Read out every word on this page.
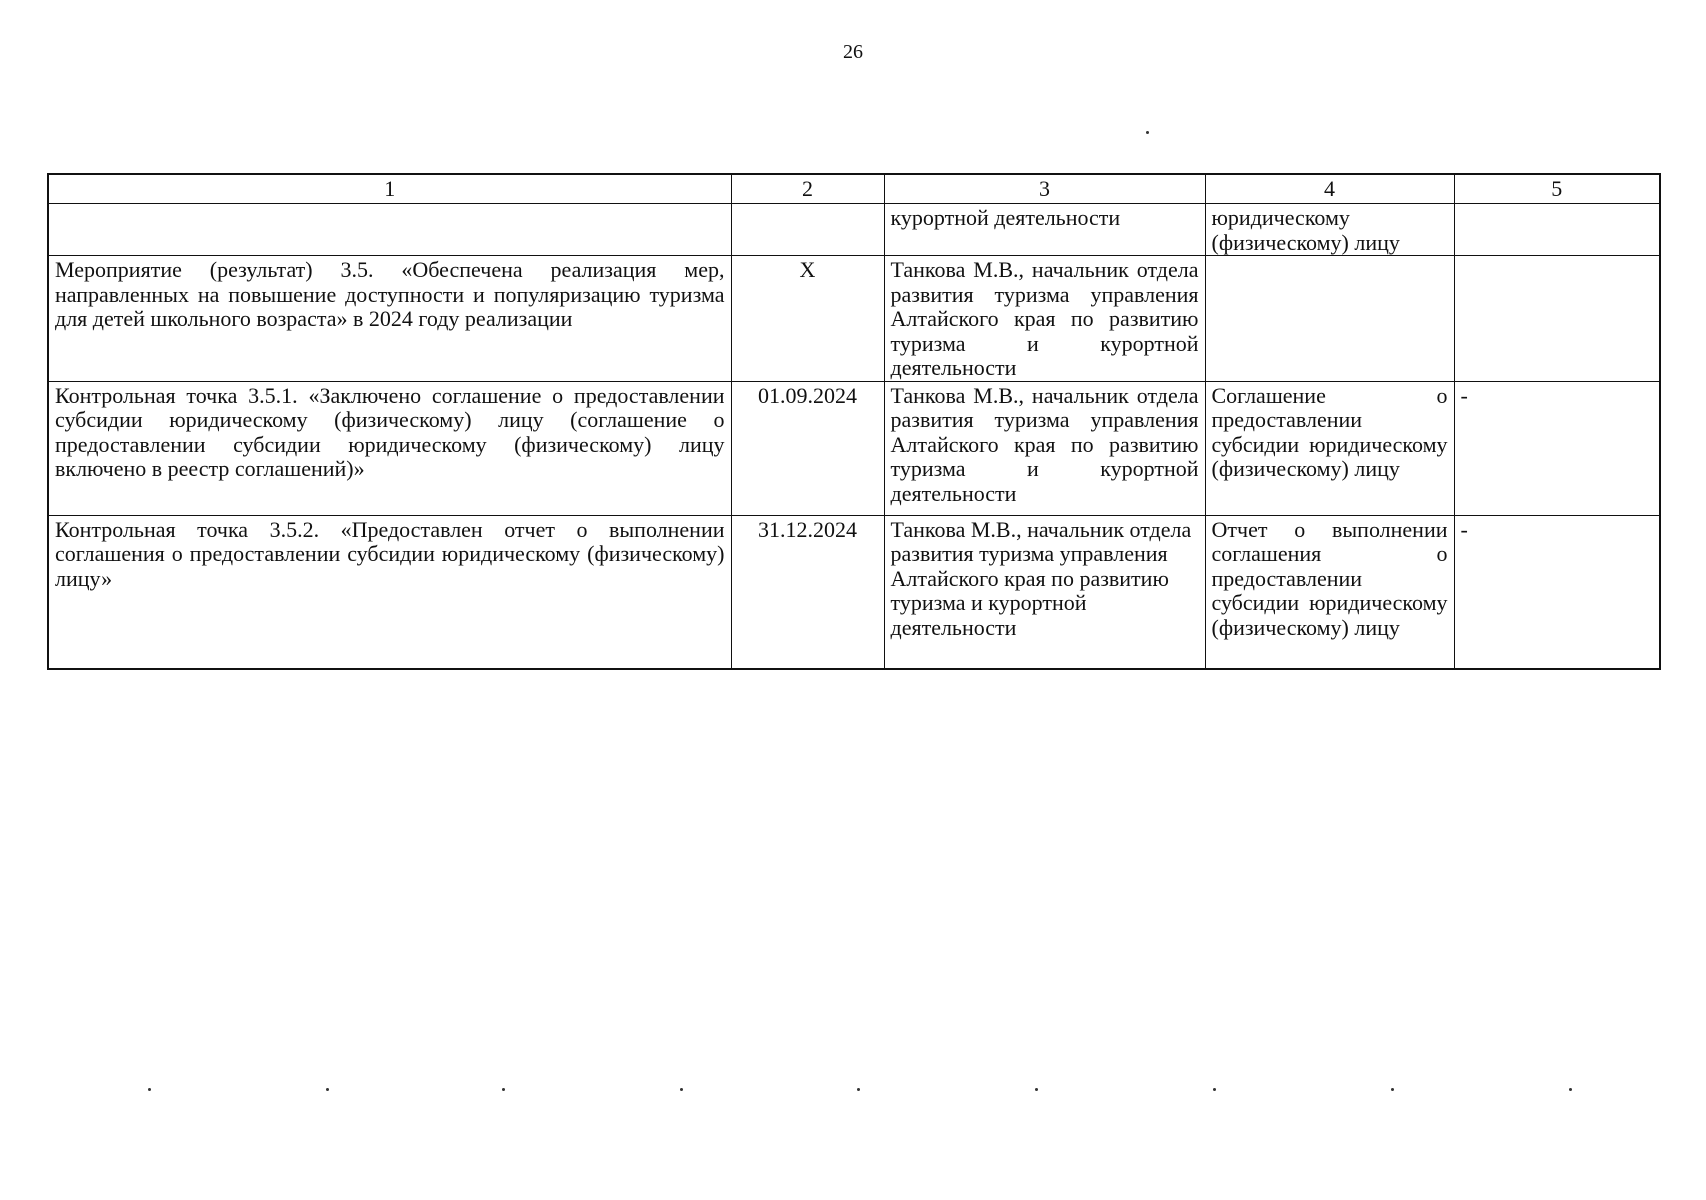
26
1	2	3	4	5
		курортной деятельности	юридическому (физическому) лицу	
Мероприятие (результат) 3.5. «Обеспечена реализация мер, направленных на повышение доступности и популяризацию туризма для детей школьного возраста» в 2024 году реализации	X	Танкова М.В., начальник отдела развития туризма управления Алтайского края по развитию туризма и курортной деятельности		
Контрольная точка 3.5.1. «Заключено соглашение о предоставлении субсидии юридическому (физическому) лицу (соглашение о предоставлении субсидии юридическому (физическому) лицу включено в реестр соглашений)»	01.09.2024	Танкова М.В., начальник отдела развития туризма управления Алтайского края по развитию туризма и курортной деятельности	Соглашение о предоставлении субсидии юридическому (физическому) лицу	-
Контрольная точка 3.5.2. «Предоставлен отчет о выполнении соглашения о предоставлении субсидии юридическому (физическому) лицу»	31.12.2024	Танкова М.В., начальник отдела развития туризма управления Алтайского края по развитию туризма и курортной деятельности	Отчет о выполнении соглашения о предоставлении субсидии юридическому (физическому) лицу	-
